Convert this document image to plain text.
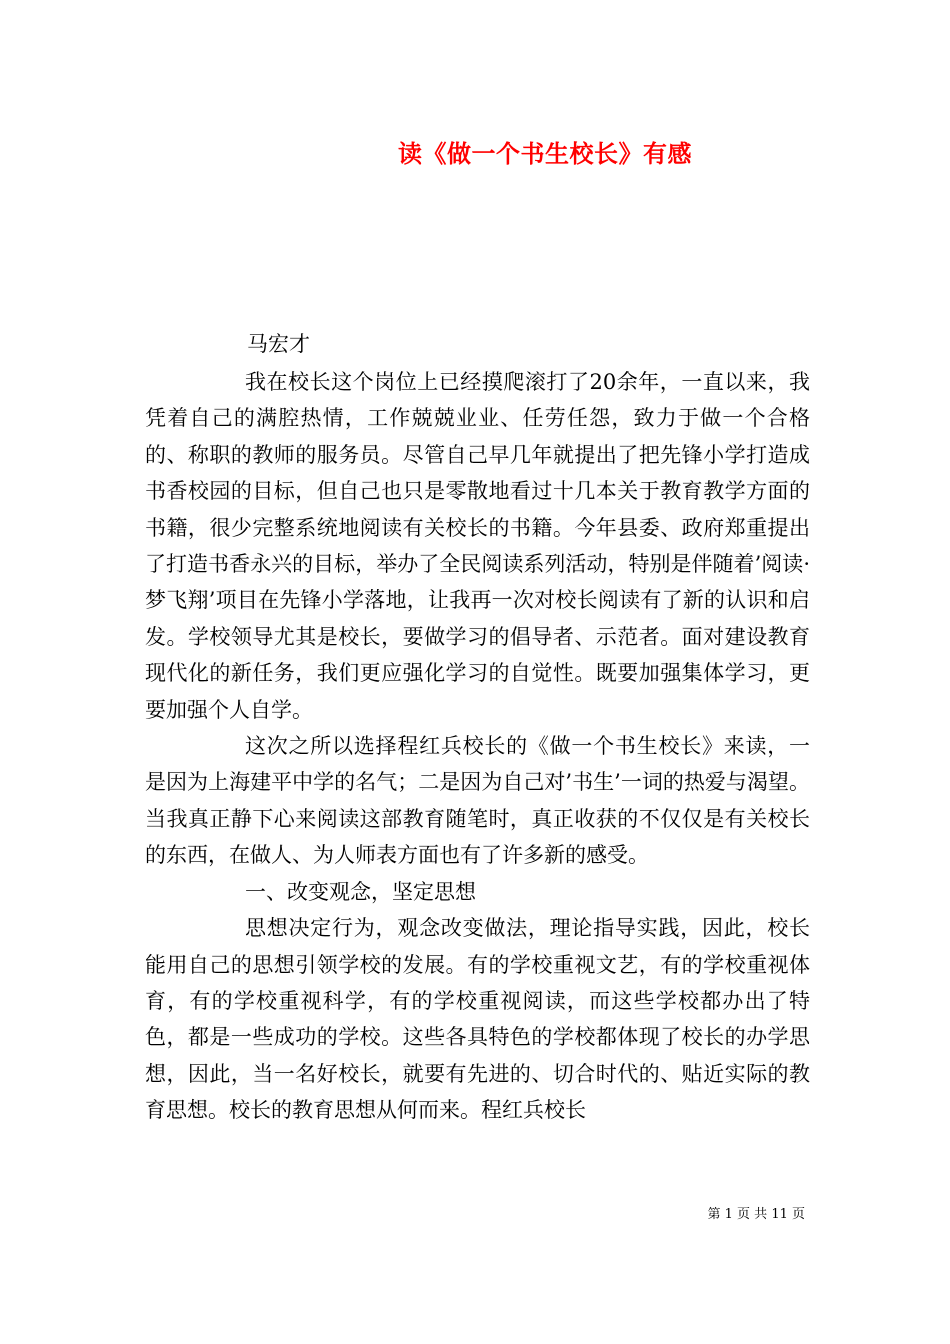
读《做一个书生校长》有感

马宏才

我在校长这个岗位上已经摸爬滚打了20余年，一直以来，我凭着自己的满腔热情，工作兢兢业业、任劳任怨，致力于做一个合格的、称职的教师的服务员。尽管自己早几年就提出了把先锋小学打造成书香校园的目标，但自己也只是零散地看过十几本关于教育教学方面的书籍，很少完整系统地阅读有关校长的书籍。今年县委、政府郑重提出了打造书香永兴的目标，举办了全民阅读系列活动，特别是伴随着’阅读·梦飞翔’项目在先锋小学落地，让我再一次对校长阅读有了新的认识和启发。学校领导尤其是校长，要做学习的倡导者、示范者。面对建设教育现代化的新任务，我们更应强化学习的自觉性。既要加强集体学习，更要加强个人自学。

这次之所以选择程红兵校长的《做一个书生校长》来读，一是因为上海建平中学的名气；二是因为自己对’书生’一词的热爱与渴望。当我真正静下心来阅读这部教育随笔时，真正收获的不仅仅是有关校长的东西，在做人、为人师表方面也有了许多新的感受。

一、改变观念，坚定思想

思想决定行为，观念改变做法，理论指导实践，因此，校长能用自己的思想引领学校的发展。有的学校重视文艺，有的学校重视体育，有的学校重视科学，有的学校重视阅读，而这些学校都办出了特色，都是一些成功的学校。这些各具特色的学校都体现了校长的办学思想，因此，当一名好校长，就要有先进的、切合时代的、贴近实际的教育思想。校长的教育思想从何而来。程红兵校长

第 1 页 共 11 页
